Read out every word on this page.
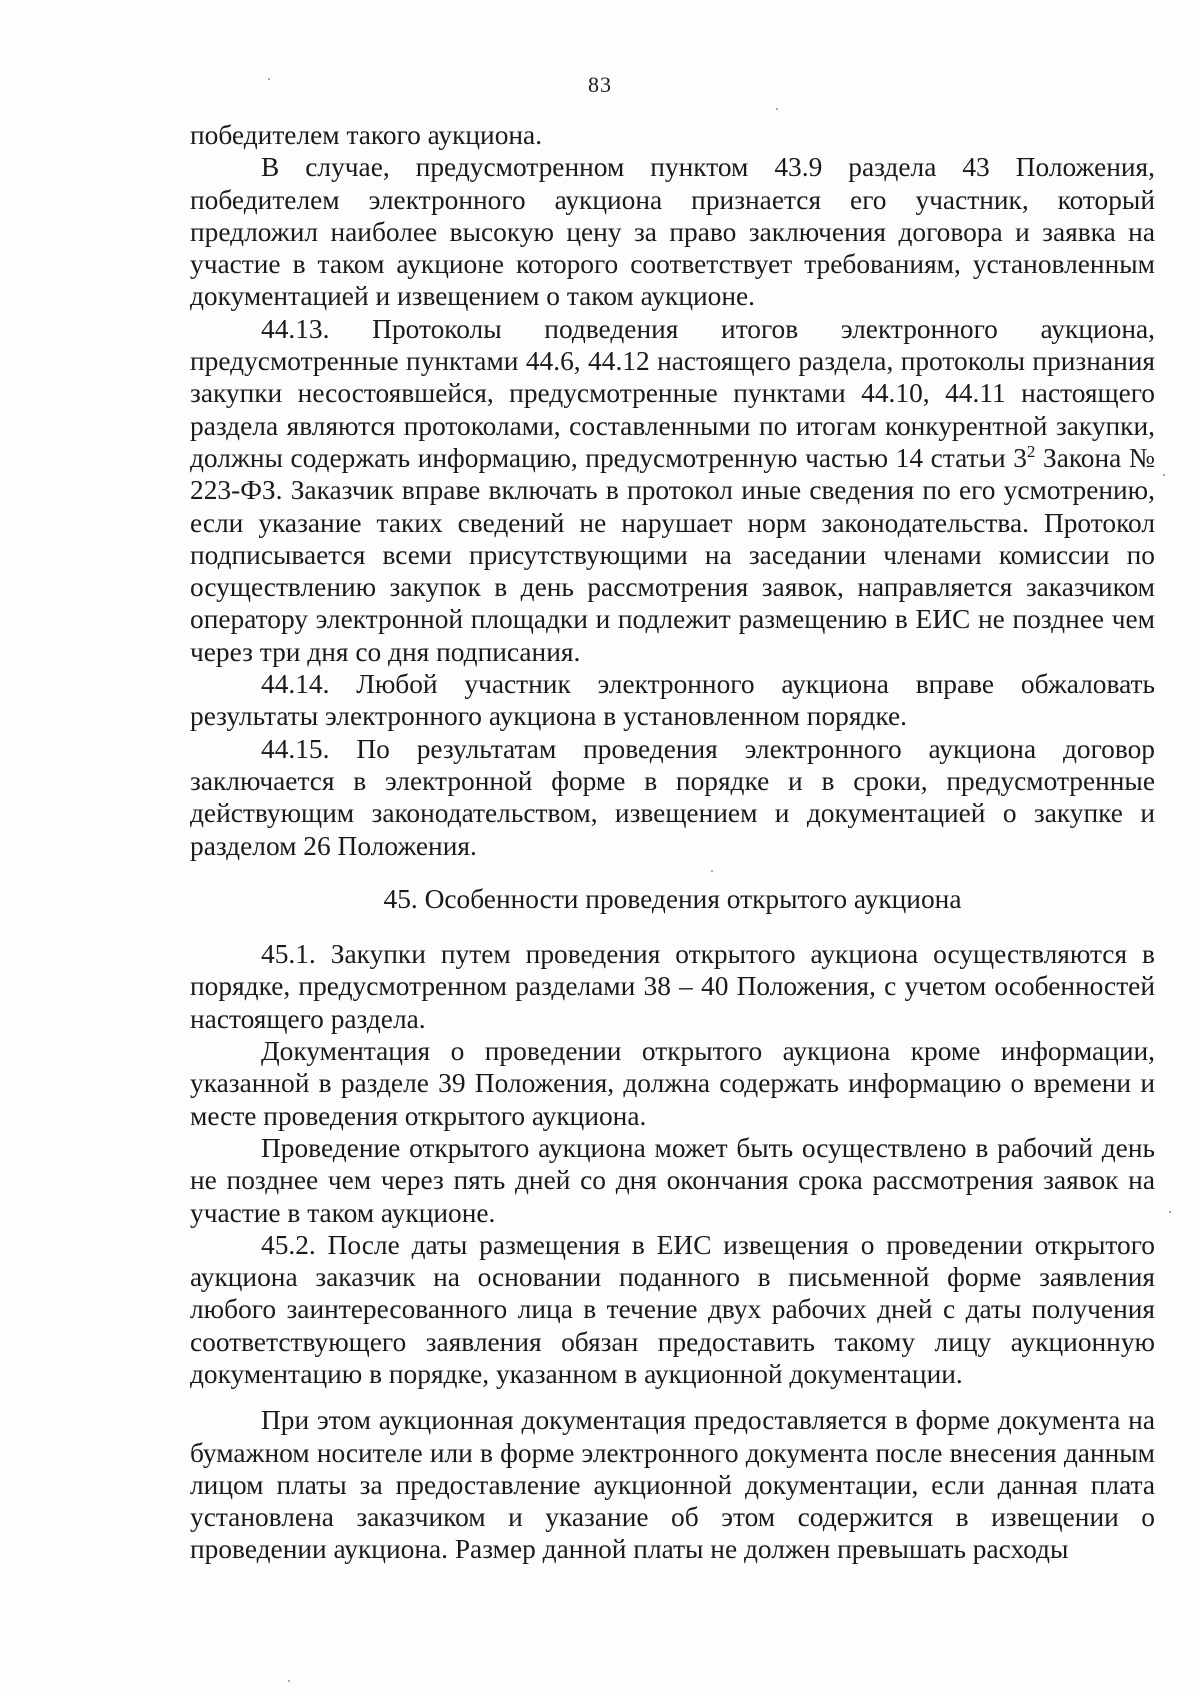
83

победителем такого аукциона.

В случае, предусмотренном пунктом 43.9 раздела 43 Положения, победителем электронного аукциона признается его участник, который предложил наиболее высокую цену за право заключения договора и заявка на участие в таком аукционе которого соответствует требованиям, установленным документацией и извещением о таком аукционе.

44.13. Протоколы подведения итогов электронного аукциона, предусмотренные пунктами 44.6, 44.12 настоящего раздела, протоколы признания закупки несостоявшейся, предусмотренные пунктами 44.10, 44.11 настоящего раздела являются протоколами, составленными по итогам конкурентной закупки, должны содержать информацию, предусмотренную частью 14 статьи $3^2$ Закона № 223-ФЗ. Заказчик вправе включать в протокол иные сведения по его усмотрению, если указание таких сведений не нарушает норм законодательства. Протокол подписывается всеми присутствующими на заседании членами комиссии по осуществлению закупок в день рассмотрения заявок, направляется заказчиком оператору электронной площадки и подлежит размещению в ЕИС не позднее чем через три дня со дня подписания.

44.14. Любой участник электронного аукциона вправе обжаловать результаты электронного аукциона в установленном порядке.

44.15. По результатам проведения электронного аукциона договор заключается в электронной форме в порядке и в сроки, предусмотренные действующим законодательством, извещением и документацией о закупке и разделом 26 Положения.

45. Особенности проведения открытого аукциона

45.1. Закупки путем проведения открытого аукциона осуществляются в порядке, предусмотренном разделами 38 – 40 Положения, с учетом особенностей настоящего раздела.

Документация о проведении открытого аукциона кроме информации, указанной в разделе 39 Положения, должна содержать информацию о времени и месте проведения открытого аукциона.

Проведение открытого аукциона может быть осуществлено в рабочий день не позднее чем через пять дней со дня окончания срока рассмотрения заявок на участие в таком аукционе.

45.2. После даты размещения в ЕИС извещения о проведении открытого аукциона заказчик на основании поданного в письменной форме заявления любого заинтересованного лица в течение двух рабочих дней с даты получения соответствующего заявления обязан предоставить такому лицу аукционную документацию в порядке, указанном в аукционной документации.

При этом аукционная документация предоставляется в форме документа на бумажном носителе или в форме электронного документа после внесения данным лицом платы за предоставление аукционной документации, если данная плата установлена заказчиком и указание об этом содержится в извещении о проведении аукциона. Размер данной платы не должен превышать расходы
